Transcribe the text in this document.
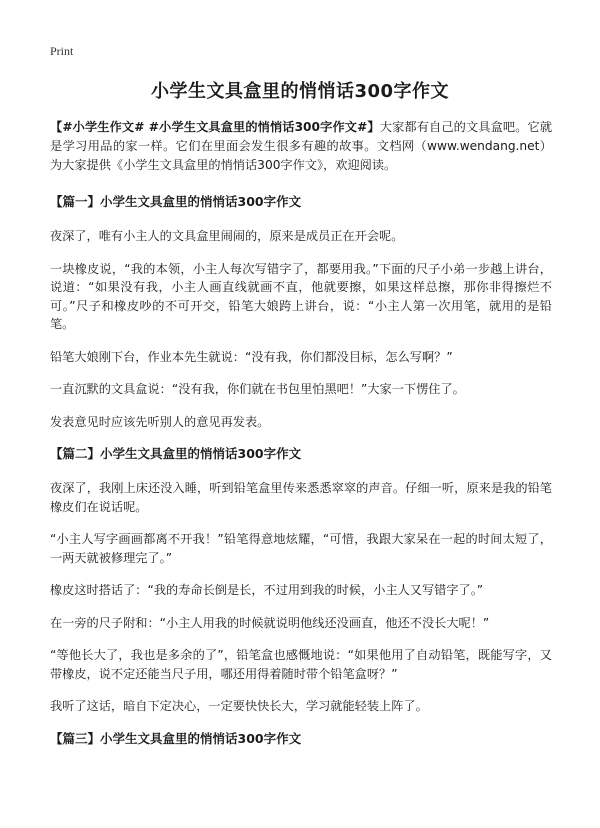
Print
小学生文具盒里的悄悄话300字作文

【#小学生作文# #小学生文具盒里的悄悄话300字作文#】大家都有自己的文具盒吧。它就是学习用品的家一样。它们在里面会发生很多有趣的故事。文档网（www.wendang.net）为大家提供《小学生文具盒里的悄悄话300字作文》，欢迎阅读。

【篇一】小学生文具盒里的悄悄话300字作文

夜深了，唯有小主人的文具盒里闹闹的，原来是成员正在开会呢。

一块橡皮说，“我的本领，小主人每次写错字了，都要用我。”下面的尺子小弟一步越上讲台，说道：“如果没有我，小主人画直线就画不直，他就要擦，如果这样总擦，那你非得擦烂不可。”尺子和橡皮吵的不可开交，铅笔大娘跨上讲台，说：“小主人第一次用笔，就用的是铅笔。

铅笔大娘刚下台，作业本先生就说：“没有我，你们都没目标，怎么写啊？”

一直沉默的文具盒说：“没有我，你们就在书包里怕黑吧！”大家一下愣住了。

发表意见时应该先听别人的意见再发表。

【篇二】小学生文具盒里的悄悄话300字作文

夜深了，我刚上床还没入睡，听到铅笔盒里传来悉悉窣窣的声音。仔细一听，原来是我的铅笔橡皮们在说话呢。

“小主人写字画画都离不开我！”铅笔得意地炫耀，“可惜，我跟大家呆在一起的时间太短了，一两天就被修理完了。”

橡皮这时搭话了：“我的寿命长倒是长，不过用到我的时候，小主人又写错字了。”

在一旁的尺子附和：“小主人用我的时候就说明他线还没画直，他还不没长大呢！”

“等他长大了，我也是多余的了”，铅笔盒也感慨地说：“如果他用了自动铅笔，既能写字，又带橡皮，说不定还能当尺子用，哪还用得着随时带个铅笔盒呀？”

我听了这话，暗自下定决心，一定要快快长大，学习就能轻装上阵了。

【篇三】小学生文具盒里的悄悄话300字作文
